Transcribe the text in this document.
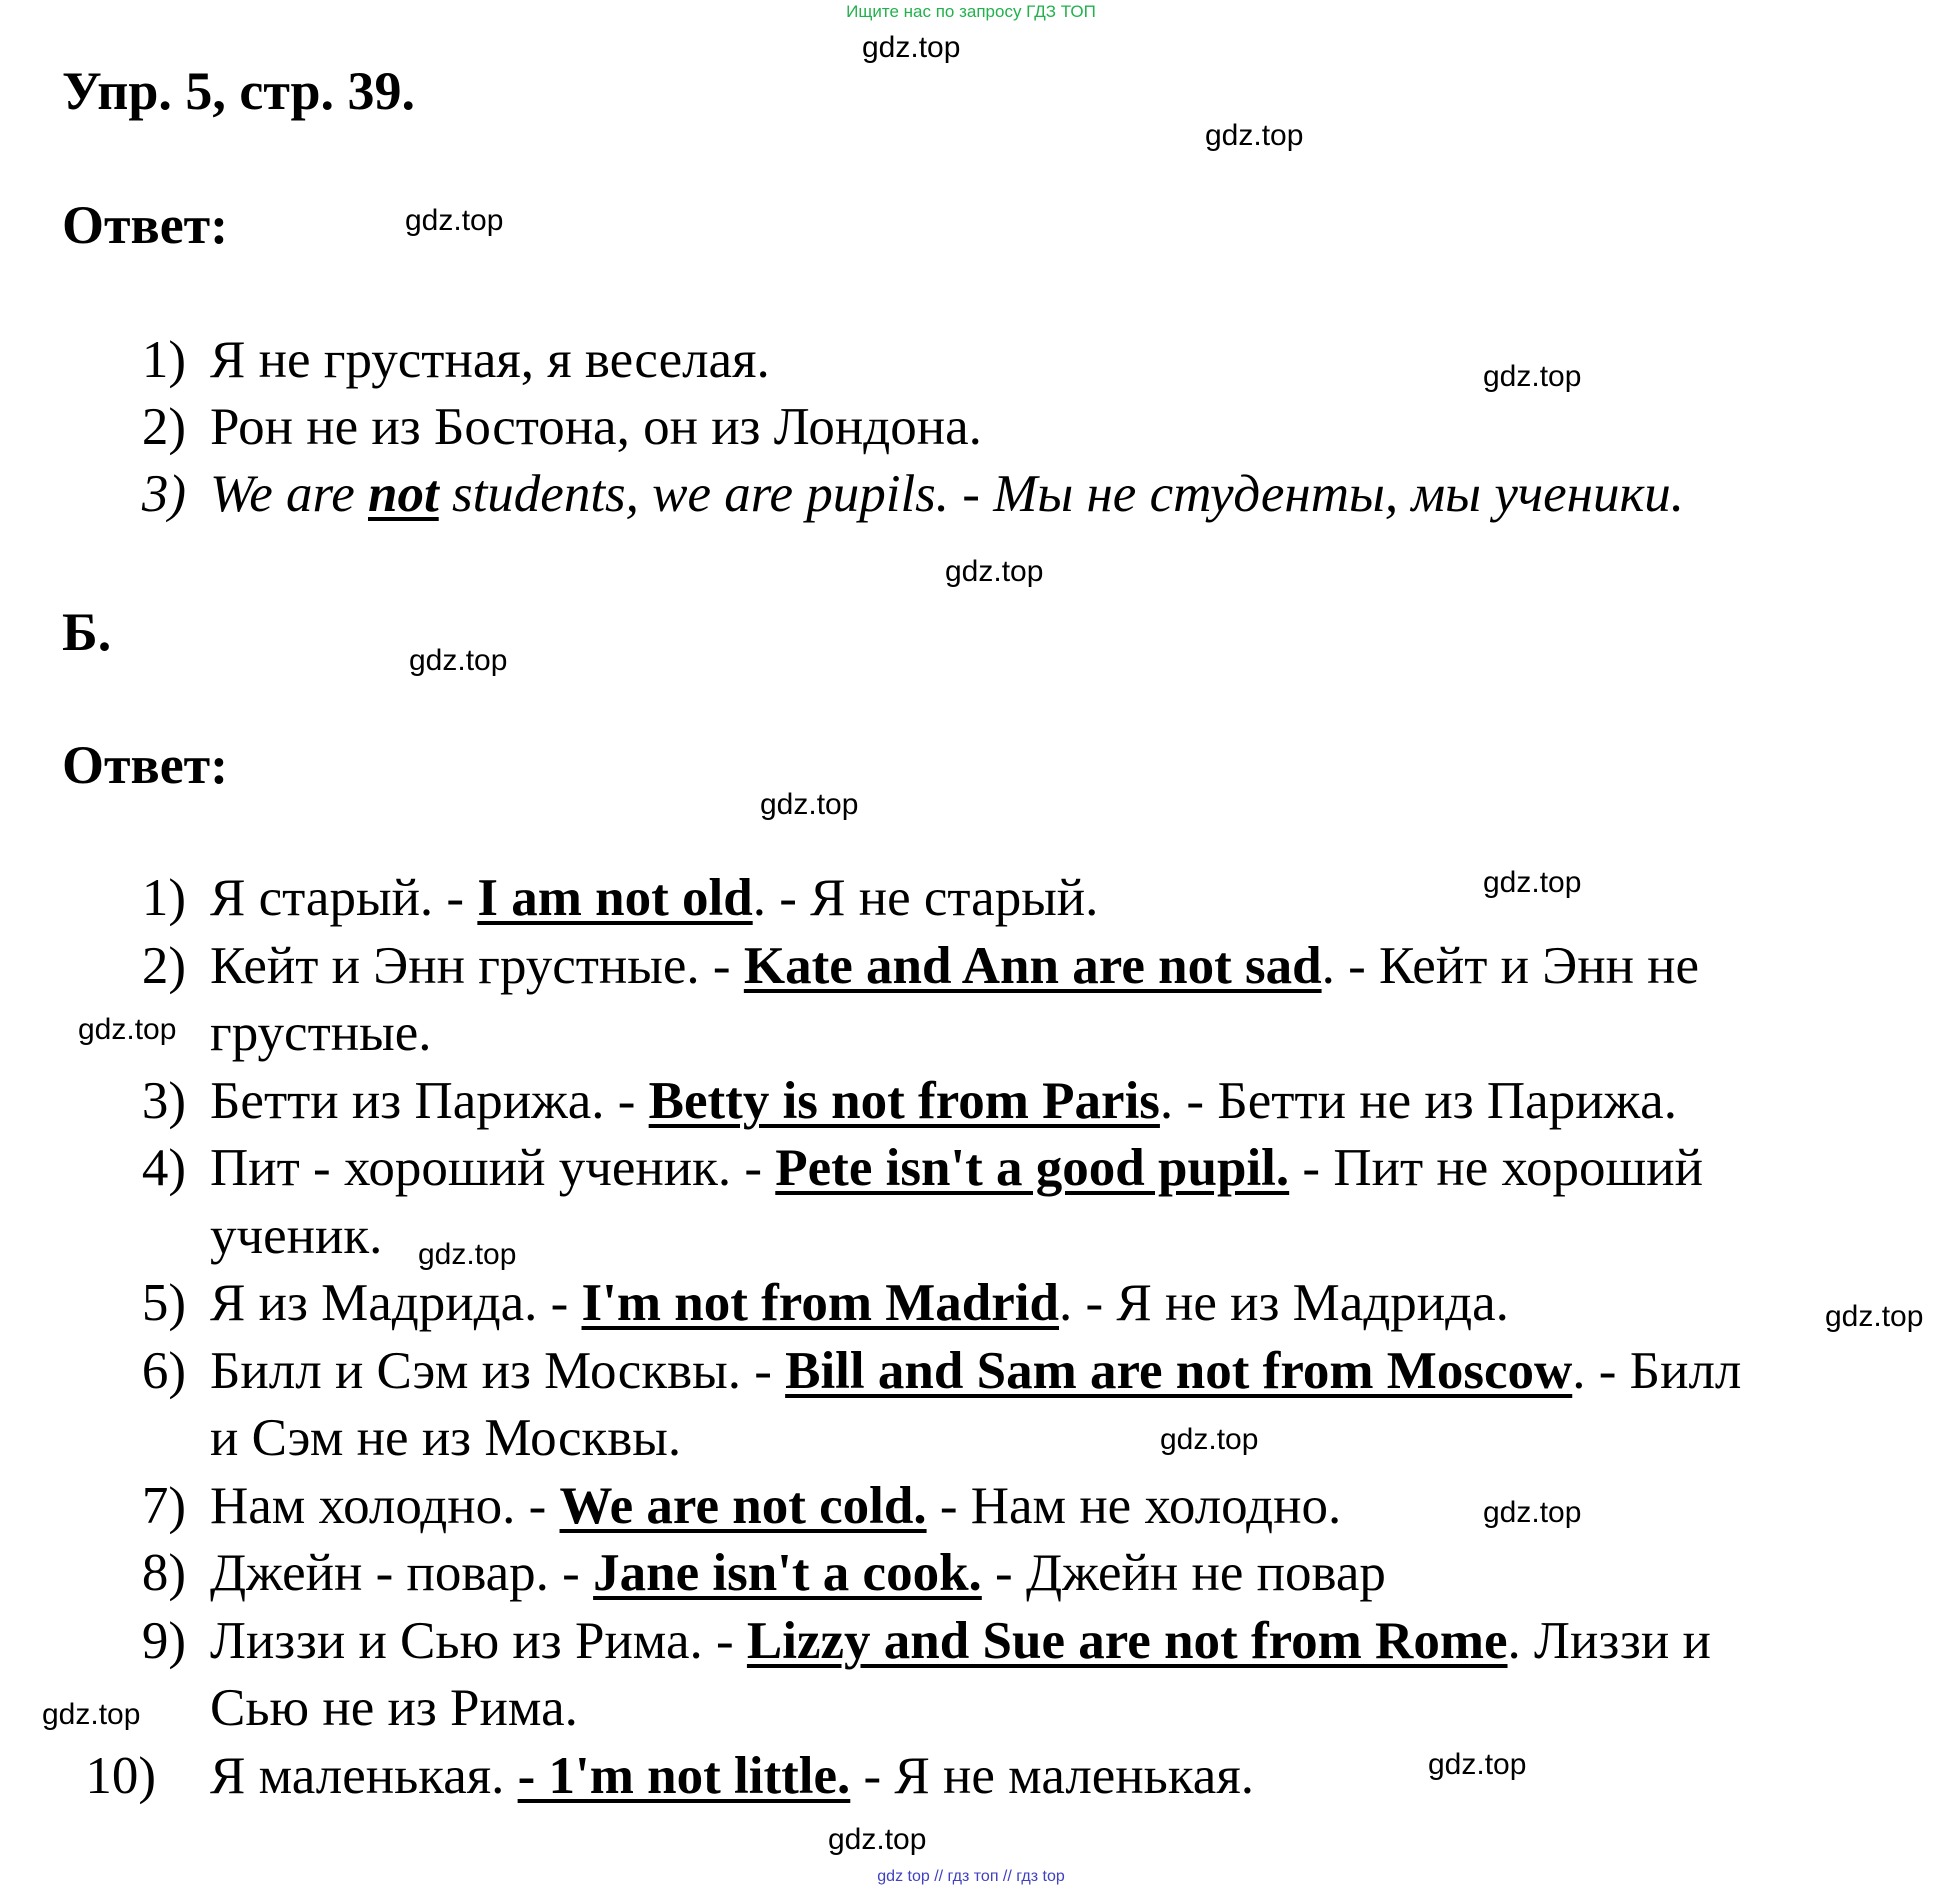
Ищите нас по запросу ГДЗ ТОП
gdz.top
gdz.top
gdz.top
gdz.top
gdz.top
gdz.top
gdz.top
gdz.top
gdz.top
gdz.top
gdz.top
gdz.top
gdz.top
gdz.top
gdz.top
gdz.top
Упр. 5, стр. 39.
Ответ:
Б.
Ответ:
1) Я не грустная, я веселая.
2) Рон не из Бостона, он из Лондона.
3) We are not students, we are pupils. - Мы не студенты, мы ученики.
1) Я старый. - I am not old. - Я не старый.
2) Кейт и Энн грустные. - Kate and Ann are not sad. - Кейт и Энн не
грустные.
3) Бетти из Парижа. - Betty is not from Paris. - Бетти не из Парижа.
4) Пит - хороший ученик. - Pete isn't a good pupil. - Пит не хороший
ученик.
5) Я из Мадрида. - I'm not from Madrid. - Я не из Мадрида.
6) Билл и Сэм из Москвы. - Bill and Sam are not from Moscow. - Билл
и Сэм не из Москвы.
7) Нам холодно. - We are not cold. - Нам не холодно.
8) Джейн - повар. - Jane isn't a cook. - Джейн не повар
9) Лиззи и Сью из Рима. - Lizzy and Sue are not from Rome. Лиззи и
Сью не из Рима.
10) Я маленькая. - 1'm not little. - Я не маленькая.
gdz top // гдз топ // гдз top
